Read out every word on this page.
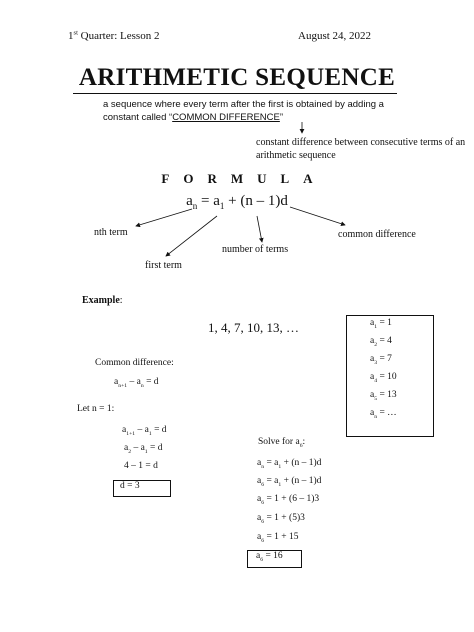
1st Quarter: Lesson 2	August 24, 2022
ARITHMETIC SEQUENCE
a sequence where every term after the first is obtained by adding a
constant called “COMMON DIFFERENCE”
constant difference between consecutive terms of an
arithmetic sequence
FORMULA
$a_n = a_1 + (n - 1)d$
nth term
first term
number of terms
common difference
Example:
1, 4, 7, 10, 13, …	$a_1 = 1$
$a_2 = 4$
$a_3 = 7$
$a_4 = 10$
$a_5 = 13$
$a_n$ = …
Common difference:
$a_{n+1} - a_n = d$
Let n = 1:
$a_{1+1} - a_1 = d$
$a_2 - a_1 = d$
4 – 1 = d
d = 3
Solve for $a_6$:
$a_n = a_1 + (n - 1)d$
$a_6 = a_1 + (n - 1)d$
$a_6 = 1 + (6 - 1)3$
$a_6 = 1 + (5)3$
$a_6 = 1 + 15$
$a_6 = 16$
